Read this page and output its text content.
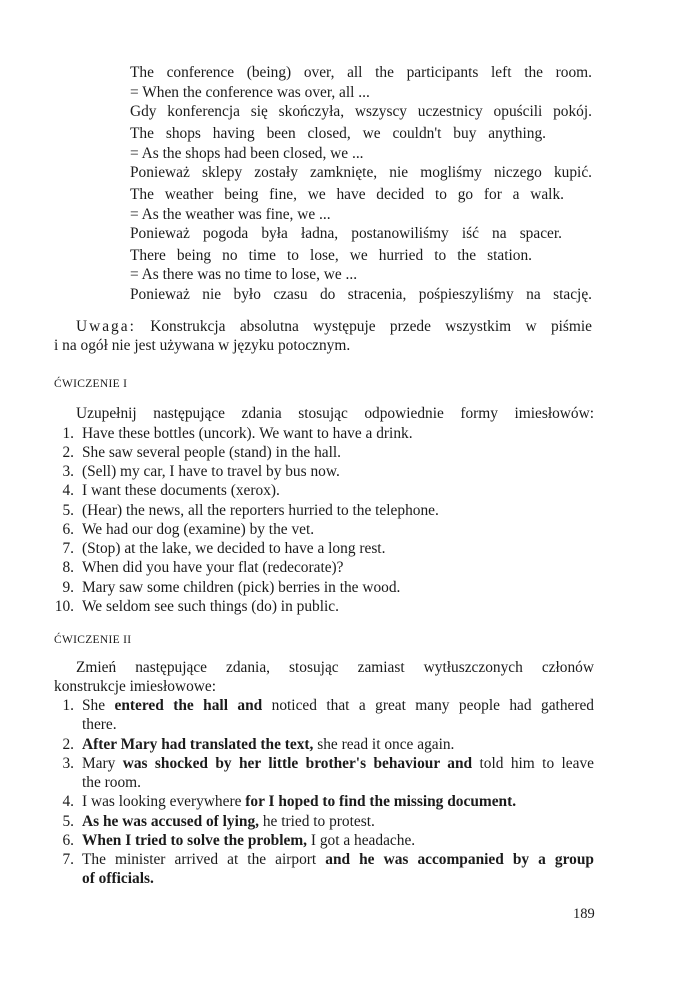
The conference (being) over, all the participants left the room.
= When the conference was over, all ...
Gdy konferencja się skończyła, wszyscy uczestnicy opuścili pokój.
The shops having been closed, we couldn't buy anything.
= As the shops had been closed, we ...
Ponieważ sklepy zostały zamknięte, nie mogliśmy niczego kupić.
The weather being fine, we have decided to go for a walk.
= As the weather was fine, we ...
Ponieważ pogoda była ładna, postanowiliśmy iść na spacer.
There being no time to lose, we hurried to the station.
= As there was no time to lose, we ...
Ponieważ nie było czasu do stracenia, pośpieszyliśmy na stację.
Uwaga: Konstrukcja absolutna występuje przede wszystkim w piśmie
i na ogół nie jest używana w języku potocznym.
ĆWICZENIE I
Uzupełnij następujące zdania stosując odpowiednie formy imiesłowów:
1. Have these bottles (uncork). We want to have a drink.
2. She saw several people (stand) in the hall.
3. (Sell) my car, I have to travel by bus now.
4. I want these documents (xerox).
5. (Hear) the news, all the reporters hurried to the telephone.
6. We had our dog (examine) by the vet.
7. (Stop) at the lake, we decided to have a long rest.
8. When did you have your flat (redecorate)?
9. Mary saw some children (pick) berries in the wood.
10. We seldom see such things (do) in public.
ĆWICZENIE II
Zmień następujące zdania, stosując zamiast wytłuszczonych członów
konstrukcje imiesłowowe:
1. She entered the hall and noticed that a great many people had gathered
there.
2. After Mary had translated the text, she read it once again.
3. Mary was shocked by her little brother's behaviour and told him to leave
the room.
4. I was looking everywhere for I hoped to find the missing document.
5. As he was accused of lying, he tried to protest.
6. When I tried to solve the problem, I got a headache.
7. The minister arrived at the airport and he was accompanied by a group
of officials.
189
